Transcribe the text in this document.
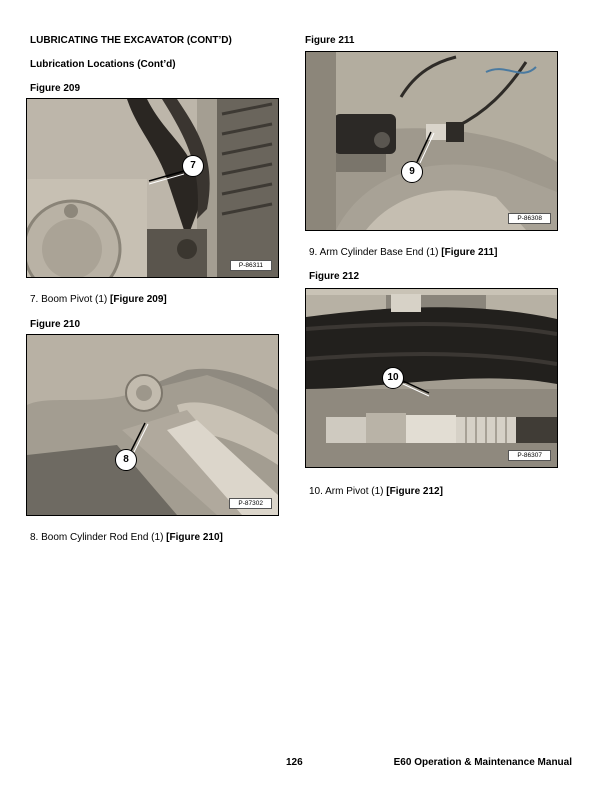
LUBRICATING THE EXCAVATOR (CONT’D)
Lubrication Locations (Cont’d)
Figure 209
7
P-86311
7. Boom Pivot (1) [Figure 209]
Figure 210
8
P-87302
8. Boom Cylinder Rod End (1) [Figure 210]
Figure 211
9
P-86308
9. Arm Cylinder Base End (1) [Figure 211]
Figure 212
10
P-86307
10. Arm Pivot (1) [Figure 212]
126	E60 Operation & Maintenance Manual
